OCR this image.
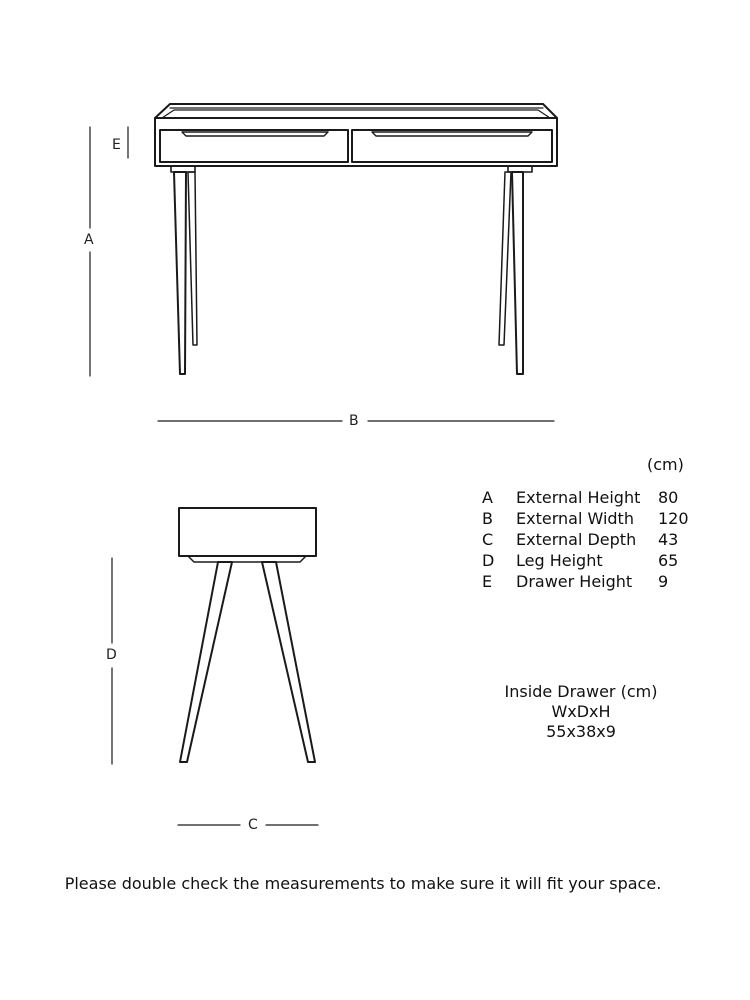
A
E
B
D
C
(cm)
A	External Height	80
B	External Width	120
C	External Depth	43
D	Leg Height	65
E	Drawer Height	9
Inside Drawer (cm)
WxDxH
55x38x9
Please double check the measurements to make sure it will fit your space.
